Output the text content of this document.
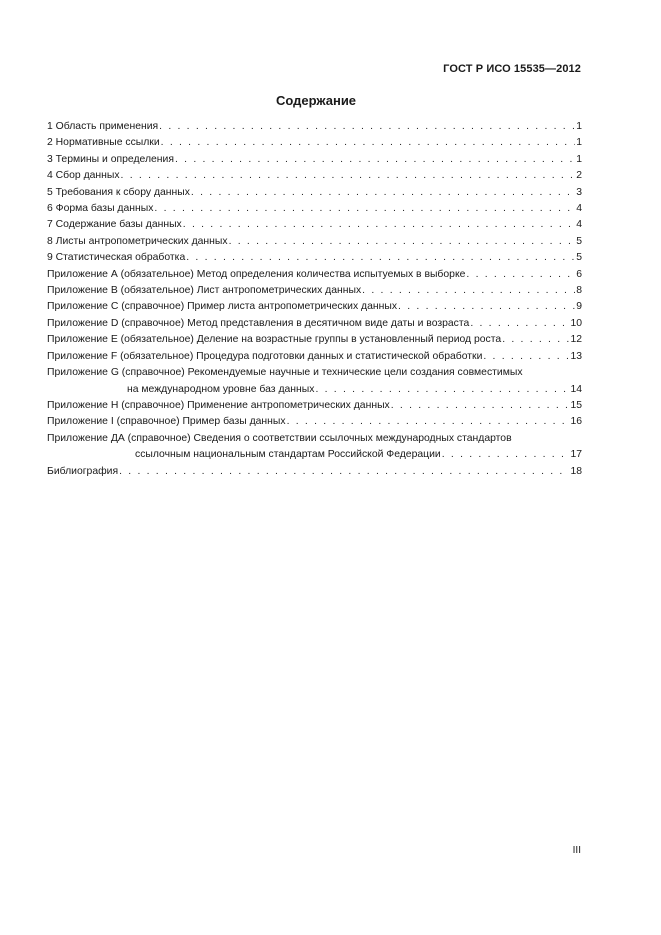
ГОСТ Р ИСО 15535—2012
Содержание
1 Область применения . . .	1
2 Нормативные ссылки . . .	1
3 Термины и определения . . .	1
4 Сбор данных . . .	2
5 Требования к сбору данных . . .	3
6 Форма базы данных . . .	4
7 Содержание базы данных . . .	4
8 Листы антропометрических данных . . .	5
9 Статистическая обработка . . .	5
Приложение А (обязательное) Метод определения количества испытуемых в выборке . . .	6
Приложение В (обязательное) Лист антропометрических данных . . .	8
Приложение С (справочное) Пример листа антропометрических данных . . .	9
Приложение D (справочное) Метод представления в десятичном виде даты и возраста . . .	10
Приложение Е (обязательное) Деление на возрастные группы в установленный период роста . . .	12
Приложение F (обязательное) Процедура подготовки данных и статистической обработки . . .	13
Приложение G (справочное) Рекомендуемые научные и технические цели создания совместимых
на международном уровне баз данных . . .	14
Приложение Н (справочное) Применение антропометрических данных . . .	15
Приложение I (справочное) Пример базы данных . . .	16
Приложение ДА (справочное) Сведения о соответствии ссылочных международных стандартов
ссылочным национальным стандартам Российской Федерации . . .	17
Библиография . . .	18
III
